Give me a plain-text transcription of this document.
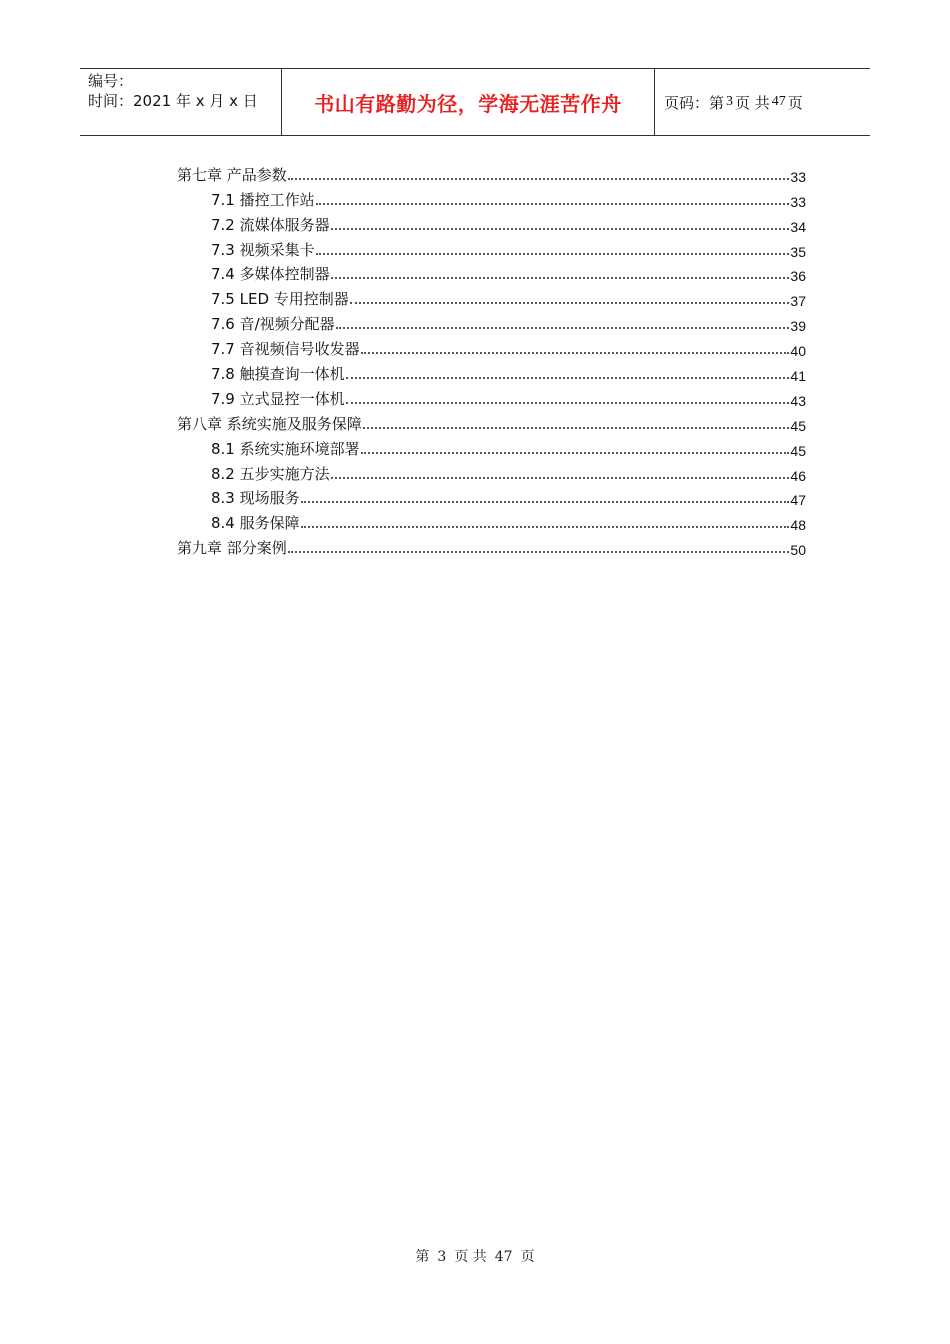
编号：
时间：2021 年 x 月 x 日	书山有路勤为径，学海无涯苦作舟	页码：第 3 页 共 47 页
第七章 产品参数	33
7.1 播控工作站	33
7.2 流媒体服务器	34
7.3 视频采集卡	35
7.4 多媒体控制器	36
7.5 LED 专用控制器	37
7.6 音/视频分配器	39
7.7 音视频信号收发器	40
7.8 触摸查询一体机	41
7.9 立式显控一体机	43
第八章 系统实施及服务保障	45
8.1 系统实施环境部署	45
8.2 五步实施方法	46
8.3 现场服务	47
8.4 服务保障	48
第九章 部分案例	50
第 3 页 共 47 页
